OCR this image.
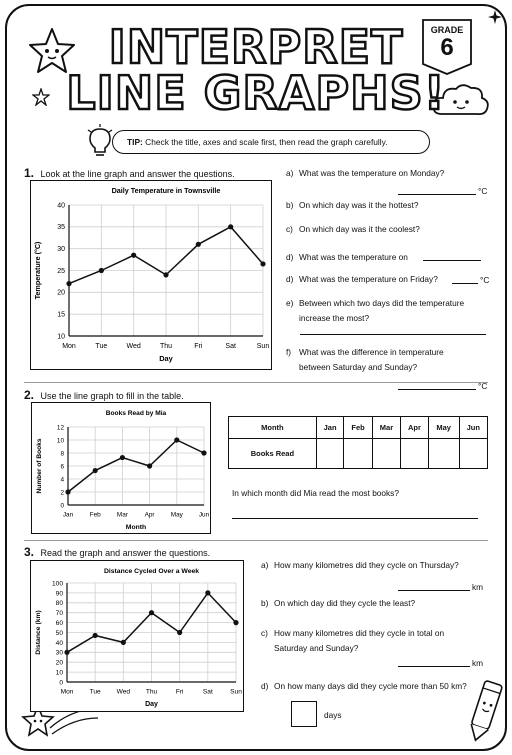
INTERPRET
LINE GRAPHS!
GRADE
6
TIP: Check the title, axes and scale first, then read the graph carefully.
1. Look at the line graph and answer the questions.
Daily Temperature in Townsville
10
15
20
25
30
35
40
Mon	Tue	Wed	Thu	Fri	Sat	Sun
Day
Temperature (°C)
a) What was the temperature on Monday?
°C
b) On which day was it the hottest?
c) On which day was it the coolest?
d) What was the temperature on
d) What was the temperature on Friday?	°C
e) Between which two days did the temperature increase the most?
f) What was the difference in temperature between Saturday and Sunday?
°C
2. Use the line graph to fill in the table.
Books Read by Mia
0
2
4
6
8
10
12
Jan	Feb	Mar	Apr	May	Jun
Month
Number of Books
Month	Jan	Feb	Mar	Apr	May	Jun
Books Read						
In which month did Mia read the most books?
3. Read the graph and answer the questions.
Distance Cycled Over a Week
0
10
20
30
40
50
60
70
80
90
100
Mon Tue Wed Thu	Fri	Sat	Sun
Day
Distance (km)
a) How many kilometres did they cycle on Thursday?
km
b) On which day did they cycle the least?
c) How many kilometres did they cycle in total on Saturday and Sunday?
km
d) On how many days did they cycle more than 50 km?
days
